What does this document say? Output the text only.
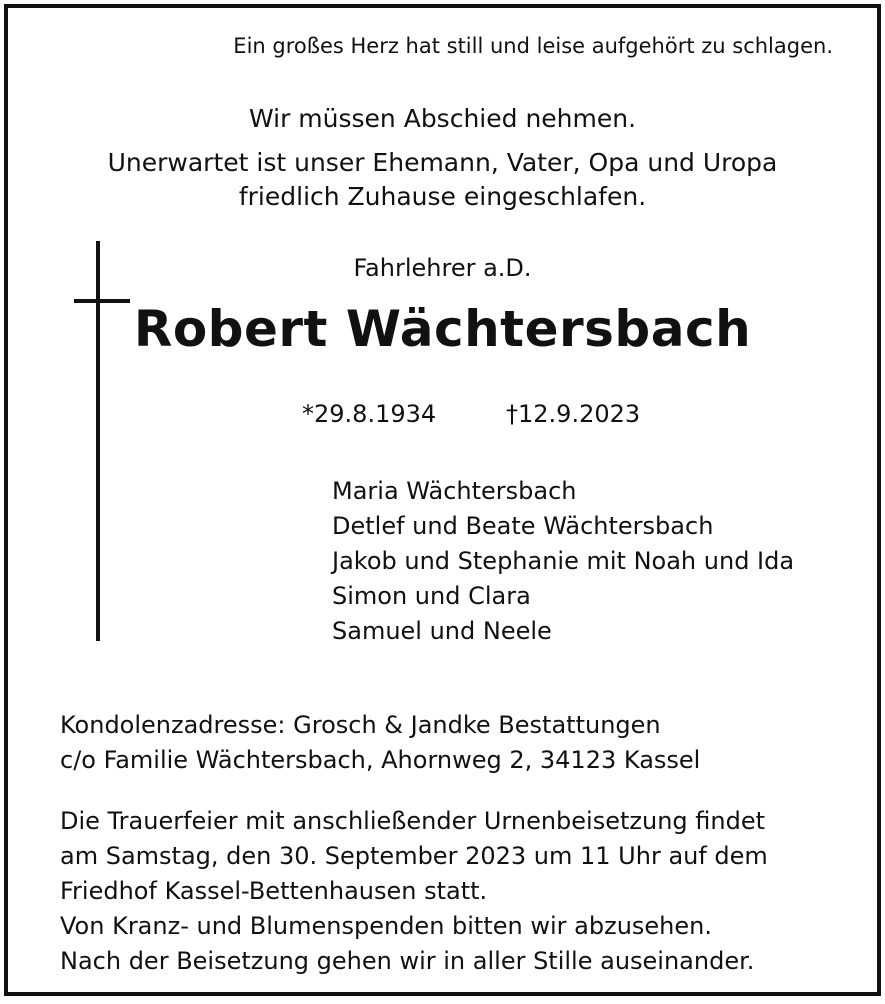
Ein großes Herz hat still und leise aufgehört zu schlagen.
Wir müssen Abschied nehmen.
Unerwartet ist unser Ehemann, Vater, Opa und Uropa
friedlich Zuhause eingeschlafen.
Fahrlehrer a.D.
Robert Wächtersbach
*29.8.1934	†12.9.2023
Maria Wächtersbach
Detlef und Beate Wächtersbach
Jakob und Stephanie mit Noah und Ida
Simon und Clara
Samuel und Neele
Kondolenzadresse: Grosch & Jandke Bestattungen
c/o Familie Wächtersbach, Ahornweg 2, 34123 Kassel
Die Trauerfeier mit anschließender Urnenbeisetzung findet
am Samstag, den 30. September 2023 um 11 Uhr auf dem
Friedhof Kassel-Bettenhausen statt.
Von Kranz- und Blumenspenden bitten wir abzusehen.
Nach der Beisetzung gehen wir in aller Stille auseinander.
